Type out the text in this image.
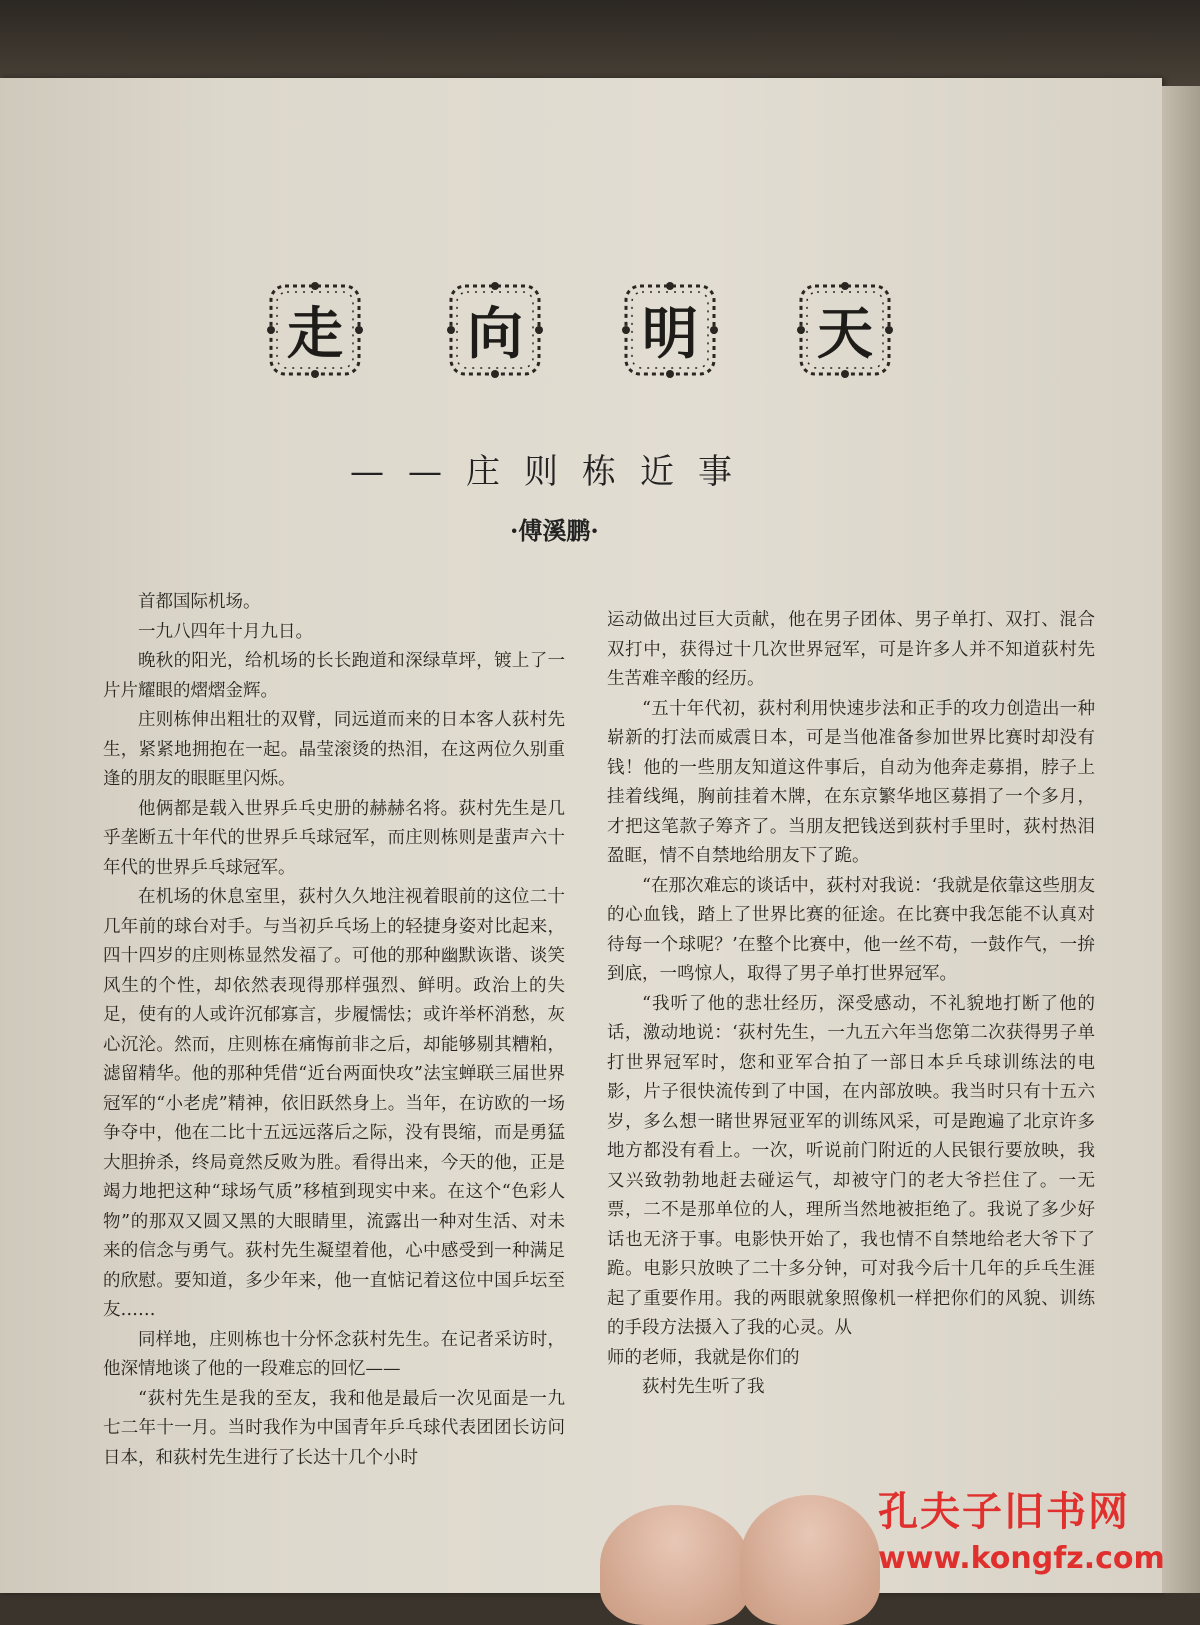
走 向 明 天
——庄则栋近事
·傅溪鹏·

首都国际机场。

一九八四年十月九日。

晚秋的阳光，给机场的长长跑道和深绿草坪，镀上了一片片耀眼的熠熠金辉。

庄则栋伸出粗壮的双臂，同远道而来的日本客人荻村先生，紧紧地拥抱在一起。晶莹滚烫的热泪，在这两位久别重逢的朋友的眼眶里闪烁。

他俩都是载入世界乒乓史册的赫赫名将。荻村先生是几乎垄断五十年代的世界乒乓球冠军，而庄则栋则是蜚声六十年代的世界乒乓球冠军。

在机场的休息室里，荻村久久地注视着眼前的这位二十几年前的球台对手。与当初乒乓场上的轻捷身姿对比起来，四十四岁的庄则栋显然发福了。可他的那种幽默诙谐、谈笑风生的个性，却依然表现得那样强烈、鲜明。政治上的失足，使有的人或许沉郁寡言，步履懦怯；或许举杯消愁，灰心沉沦。然而，庄则栋在痛悔前非之后，却能够剔其糟粕，滤留精华。他的那种凭借“近台两面快攻”法宝蝉联三届世界冠军的“小老虎”精神，依旧跃然身上。当年，在访欧的一场争夺中，他在二比十五远远落后之际，没有畏缩，而是勇猛大胆拚杀，终局竟然反败为胜。看得出来，今天的他，正是竭力地把这种“球场气质”移植到现实中来。在这个“色彩人物”的那双又圆又黑的大眼睛里，流露出一种对生活、对未来的信念与勇气。荻村先生凝望着他，心中感受到一种满足的欣慰。要知道，多少年来，他一直惦记着这位中国乒坛至友……

同样地，庄则栋也十分怀念荻村先生。在记者采访时，他深情地谈了他的一段难忘的回忆——

“荻村先生是我的至友，我和他是最后一次见面是一九七二年十一月。当时我作为中国青年乒乓球代表团团长访问日本，和荻村先生进行了长达十几个小时

运动做出过巨大贡献，他在男子团体、男子单打、双打、混合双打中，获得过十几次世界冠军，可是许多人并不知道荻村先生苦难辛酸的经历。

“五十年代初，荻村利用快速步法和正手的攻力创造出一种崭新的打法而威震日本，可是当他准备参加世界比赛时却没有钱！他的一些朋友知道这件事后，自动为他奔走募捐，脖子上挂着线绳，胸前挂着木牌，在东京繁华地区募捐了一个多月，才把这笔款子筹齐了。当朋友把钱送到荻村手里时，荻村热泪盈眶，情不自禁地给朋友下了跪。

“在那次难忘的谈话中，荻村对我说：‘我就是依靠这些朋友的心血钱，踏上了世界比赛的征途。在比赛中我怎能不认真对待每一个球呢？’在整个比赛中，他一丝不苟，一鼓作气，一拚到底，一鸣惊人，取得了男子单打世界冠军。

“我听了他的悲壮经历，深受感动，不礼貌地打断了他的话，激动地说：‘荻村先生，一九五六年当您第二次获得男子单打世界冠军时，您和亚军合拍了一部日本乒乓球训练法的电影，片子很快流传到了中国，在内部放映。我当时只有十五六岁，多么想一睹世界冠亚军的训练风采，可是跑遍了北京许多地方都没有看上。一次，听说前门附近的人民银行要放映，我又兴致勃勃地赶去碰运气，却被守门的老大爷拦住了。一无票，二不是那单位的人，理所当然地被拒绝了。我说了多少好话也无济于事。电影快开始了，我也情不自禁地给老大爷下了跪。电影只放映了二十多分钟，可对我今后十几年的乒乓生涯起了重要作用。我的两眼就象照像机一样把你们的风貌、训练的手段方法摄入了我的心灵。从

师的老师，我就是你们的

荻村先生听了我

孔夫子旧书网
www.kongfz.com
